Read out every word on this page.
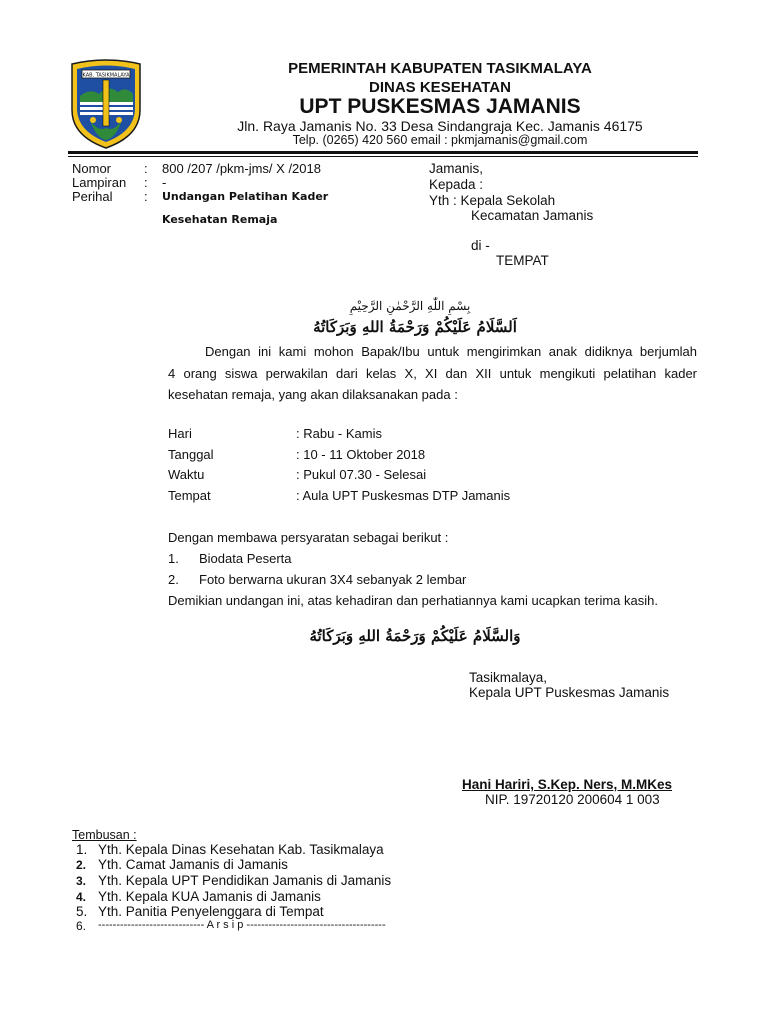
KAB. TASIKMALAYA	PEMERINTAH KABUPATEN TASIKMALAYA
DINAS KESEHATAN
UPT PUSKESMAS JAMANIS
Jln. Raya Jamanis No. 33 Desa Sindangraja Kec. Jamanis 46175
Telp. (0265) 420 560 email : pkmjamanis@gmail.com
Nomor	: 800 /207 /pkm-jms/ X /2018
Lampiran : -
Perihal : Undangan Pelatihan Kader
Kesehatan Remaja
Jamanis,
Kepada :
Yth : Kepala Sekolah
Kecamatan Jamanis
di -
TEMPAT
بِسْمِ اللّٰهِ الرَّحْمٰنِ الرَّحِيْمِ
اَلسَّلَامُ عَلَيْكُمْ وَرَحْمَةُ اللهِ وَبَرَكَاتُهُ
Dengan ini kami mohon Bapak/Ibu untuk mengirimkan anak didiknya berjumlah
4 orang siswa perwakilan dari kelas X, XI dan XII untuk mengikuti pelatihan kader
kesehatan remaja, yang akan dilaksanakan pada :
Hari	: Rabu - Kamis
Tanggal	: 10 - 11 Oktober 2018
Waktu	: Pukul 07.30 - Selesai
Tempat	: Aula UPT Puskesmas DTP Jamanis
Dengan membawa persyaratan sebagai berikut :
1. Biodata Peserta
2. Foto berwarna ukuran 3X4 sebanyak 2 lembar
Demikian undangan ini, atas kehadiran dan perhatiannya kami ucapkan terima kasih.
وَالسَّلَامُ عَلَيْكُمْ وَرَحْمَةُ اللهِ وَبَرَكَاتُهُ
Tasikmalaya,
Kepala UPT Puskesmas Jamanis
Hani Hariri, S.Kep. Ners, M.MKes
NIP. 19720120 200604 1 003
Tembusan :
1. Yth. Kepala Dinas Kesehatan Kab. Tasikmalaya
2. Yth. Camat Jamanis di Jamanis
3. Yth. Kepala UPT Pendidikan Jamanis di Jamanis
4. Yth. Kepala KUA Jamanis di Jamanis
5. Yth. Panitia Penyelenggara di Tempat
6. ----------------------------- A r s i p --------------------------------------
